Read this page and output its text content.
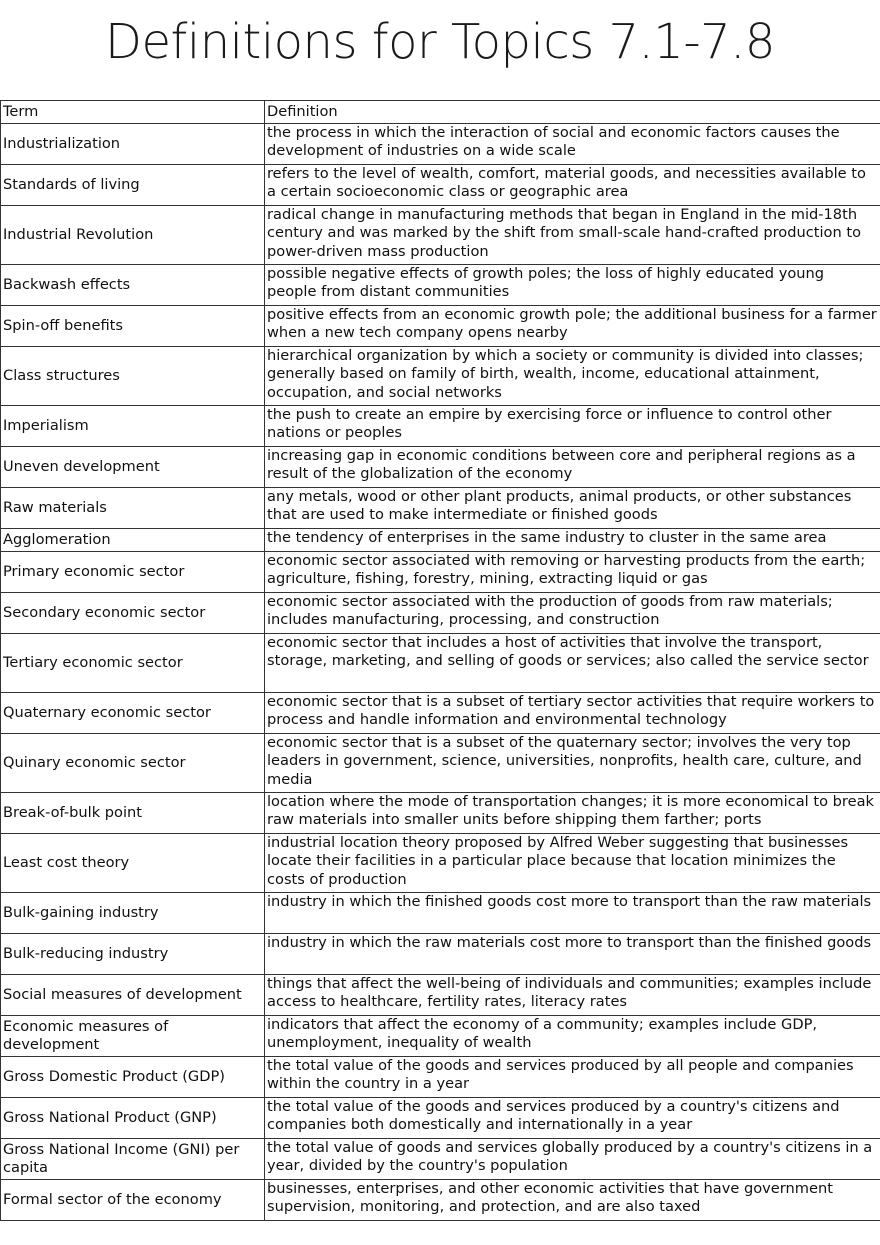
Definitions for Topics 7.1-7.8
Term	Definition
Industrialization	the process in which the interaction of social and economic factors causes the development of industries on a wide scale
Standards of living	refers to the level of wealth, comfort, material goods, and necessities available to a certain socioeconomic class or geographic area
Industrial Revolution	radical change in manufacturing methods that began in England in the mid-18th century and was marked by the shift from small-scale hand-crafted production to power-driven mass production
Backwash effects	possible negative effects of growth poles; the loss of highly educated young people from distant communities
Spin-off benefits	positive effects from an economic growth pole; the additional business for a farmer when a new tech company opens nearby
Class structures	hierarchical organization by which a society or community is divided into classes; generally based on family of birth, wealth, income, educational attainment, occupation, and social networks
Imperialism	the push to create an empire by exercising force or influence to control other nations or peoples
Uneven development	increasing gap in economic conditions between core and peripheral regions as a result of the globalization of the economy
Raw materials	any metals, wood or other plant products, animal products, or other substances that are used to make intermediate or finished goods
Agglomeration	the tendency of enterprises in the same industry to cluster in the same area
Primary economic sector	economic sector associated with removing or harvesting products from the earth; agriculture, fishing, forestry, mining, extracting liquid or gas
Secondary economic sector	economic sector associated with the production of goods from raw materials; includes manufacturing, processing, and construction
Tertiary economic sector	economic sector that includes a host of activities that involve the transport, storage, marketing, and selling of goods or services; also called the service sector
Quaternary economic sector	economic sector that is a subset of tertiary sector activities that require workers to process and handle information and environmental technology
Quinary economic sector	economic sector that is a subset of the quaternary sector; involves the very top leaders in government, science, universities, nonprofits, health care, culture, and media
Break-of-bulk point	location where the mode of transportation changes; it is more economical to break raw materials into smaller units before shipping them farther; ports
Least cost theory	industrial location theory proposed by Alfred Weber suggesting that businesses locate their facilities in a particular place because that location minimizes the costs of production
Bulk-gaining industry	industry in which the finished goods cost more to transport than the raw materials
Bulk-reducing industry	industry in which the raw materials cost more to transport than the finished goods
Social measures of development	things that affect the well-being of individuals and communities; examples include access to healthcare, fertility rates, literacy rates
Economic measures of development	indicators that affect the economy of a community; examples include GDP, unemployment, inequality of wealth
Gross Domestic Product (GDP)	the total value of the goods and services produced by all people and companies within the country in a year
Gross National Product (GNP)	the total value of the goods and services produced by a country's citizens and companies both domestically and internationally in a year
Gross National Income (GNI) per capita	the total value of goods and services globally produced by a country's citizens in a year, divided by the country's population
Formal sector of the economy	businesses, enterprises, and other economic activities that have government supervision, monitoring, and protection, and are also taxed
